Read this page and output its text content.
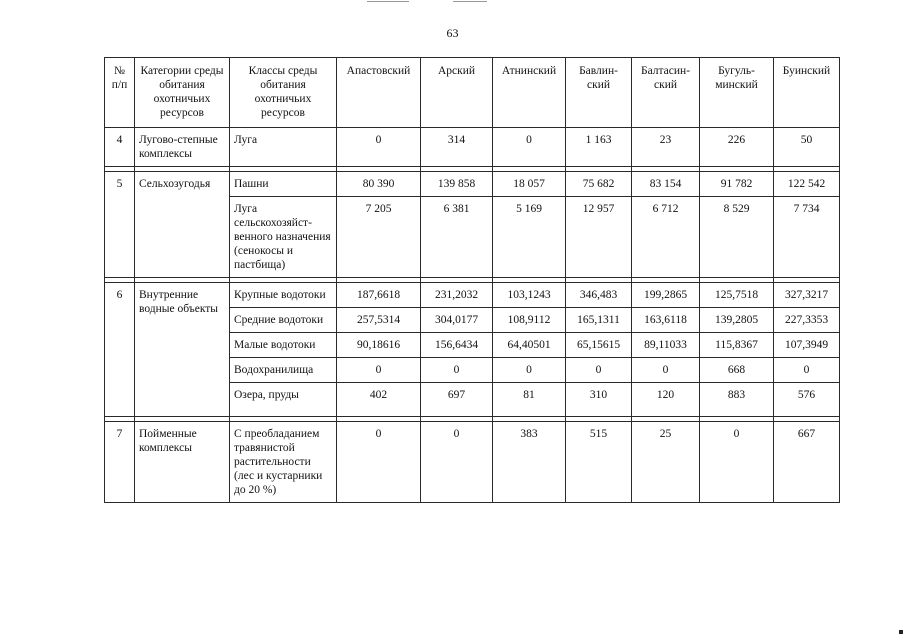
63
№ п/п	Категории среды обитания охотничьих ресурсов	Классы среды обитания охотничьих ресурсов	Апастовский	Арский	Атнинский	Бавлин-ский	Балтасин-ский	Бугуль-минский	Буинский
4	Лугово-степные комплексы	Луга	0	314	0	1 163	23	226	50

5	Сельхозугодья	Пашни	80 390	139 858	18 057	75 682	83 154	91 782	122 542
		Луга сельскохозяйст-венного назначения (сенокосы и пастбища)	7 205	6 381	5 169	12 957	6 712	8 529	7 734

6	Внутренние водные объекты	Крупные водотоки	187,6618	231,2032	103,1243	346,483	199,2865	125,7518	327,3217
		Средние водотоки	257,5314	304,0177	108,9112	165,1311	163,6118	139,2805	227,3353
		Малые водотоки	90,18616	156,6434	64,40501	65,15615	89,11033	115,8367	107,3949
		Водохранилища	0	0	0	0	0	668	0
		Озера, пруды	402	697	81	310	120	883	576

7	Пойменные комплексы	С преобладанием травянистой растительности (лес и кустарники до 20 %)	0	0	383	515	25	0	667
